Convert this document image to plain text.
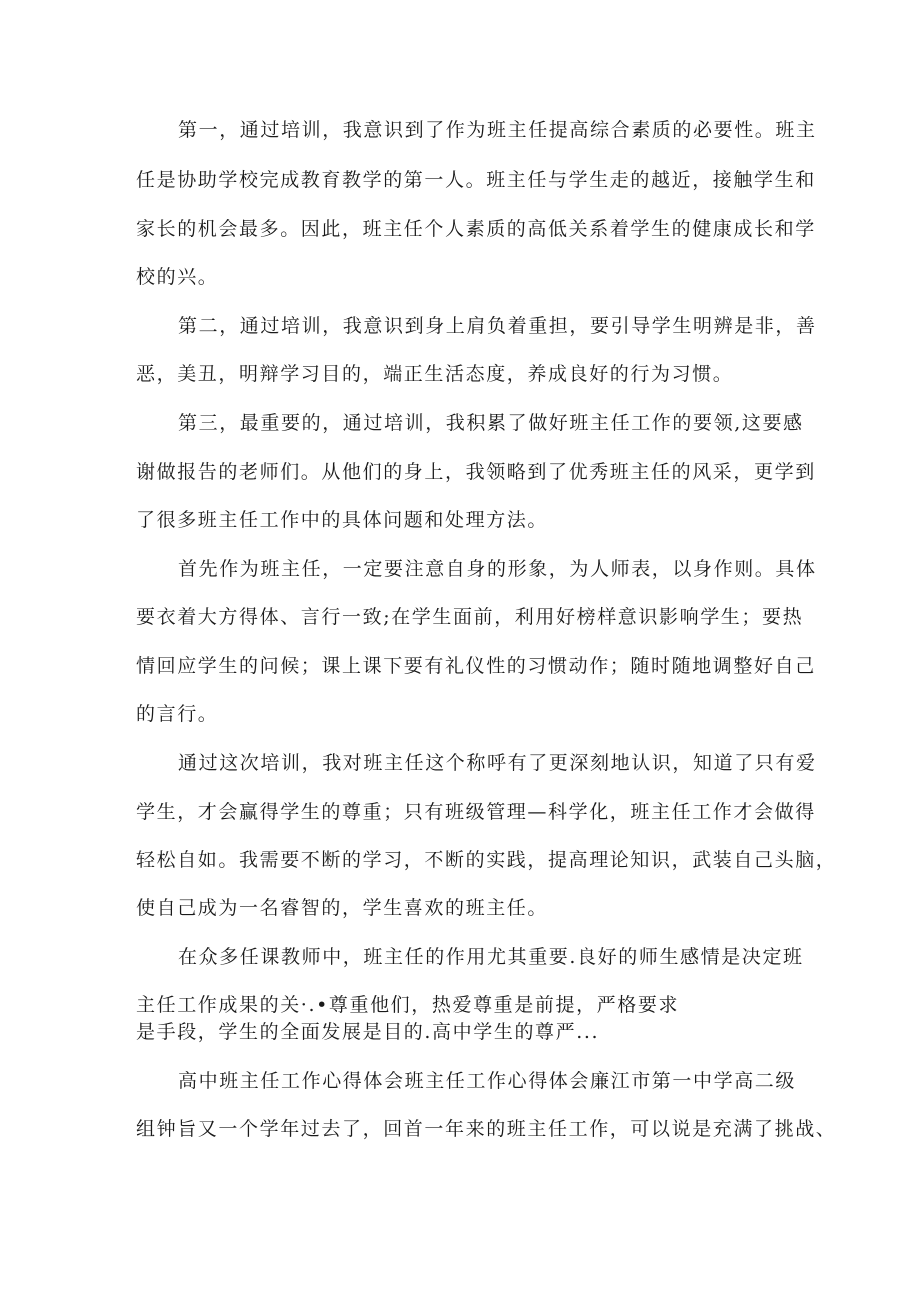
第一，通过培训，我意识到了作为班主任提高综合素质的必要性。班主
任是协助学校完成教育教学的第一人。班主任与学生走的越近，接触学生和
家长的机会最多。因此，班主任个人素质的高低关系着学生的健康成长和学
校的兴。
第二，通过培训，我意识到身上肩负着重担，要引导学生明辨是非，善
恶，美丑，明辩学习目的，端正生活态度，养成良好的行为习惯。
第三，最重要的，通过培训，我积累了做好班主任工作的要领,这要感
谢做报告的老师们。从他们的身上，我领略到了优秀班主任的风采，更学到
了很多班主任工作中的具体问题和处理方法。
首先作为班主任，一定要注意自身的形象，为人师表，以身作则。具体
要衣着大方得体、言行一致;在学生面前，利用好榜样意识影响学生；要热
情回应学生的问候；课上课下要有礼仪性的习惯动作；随时随地调整好自己
的言行。
通过这次培训，我对班主任这个称呼有了更深刻地认识，知道了只有爱
学生，才会赢得学生的尊重；只有班级管理—科学化，班主任工作才会做得
轻松自如。我需要不断的学习，不断的实践，提高理论知识，武装自己头脑，
使自己成为一名睿智的，学生喜欢的班主任。
在众多任课教师中，班主任的作用尤其重要.良好的师生感情是决定班
主任工作成果的关·.•尊重他们，热爱尊重是前提，严格要求
是手段，学生的全面发展是目的.高中学生的尊严...
高中班主任工作心得体会班主任工作心得体会廉江市第一中学高二级
组钟旨又一个学年过去了，回首一年来的班主任工作，可以说是充满了挑战、
